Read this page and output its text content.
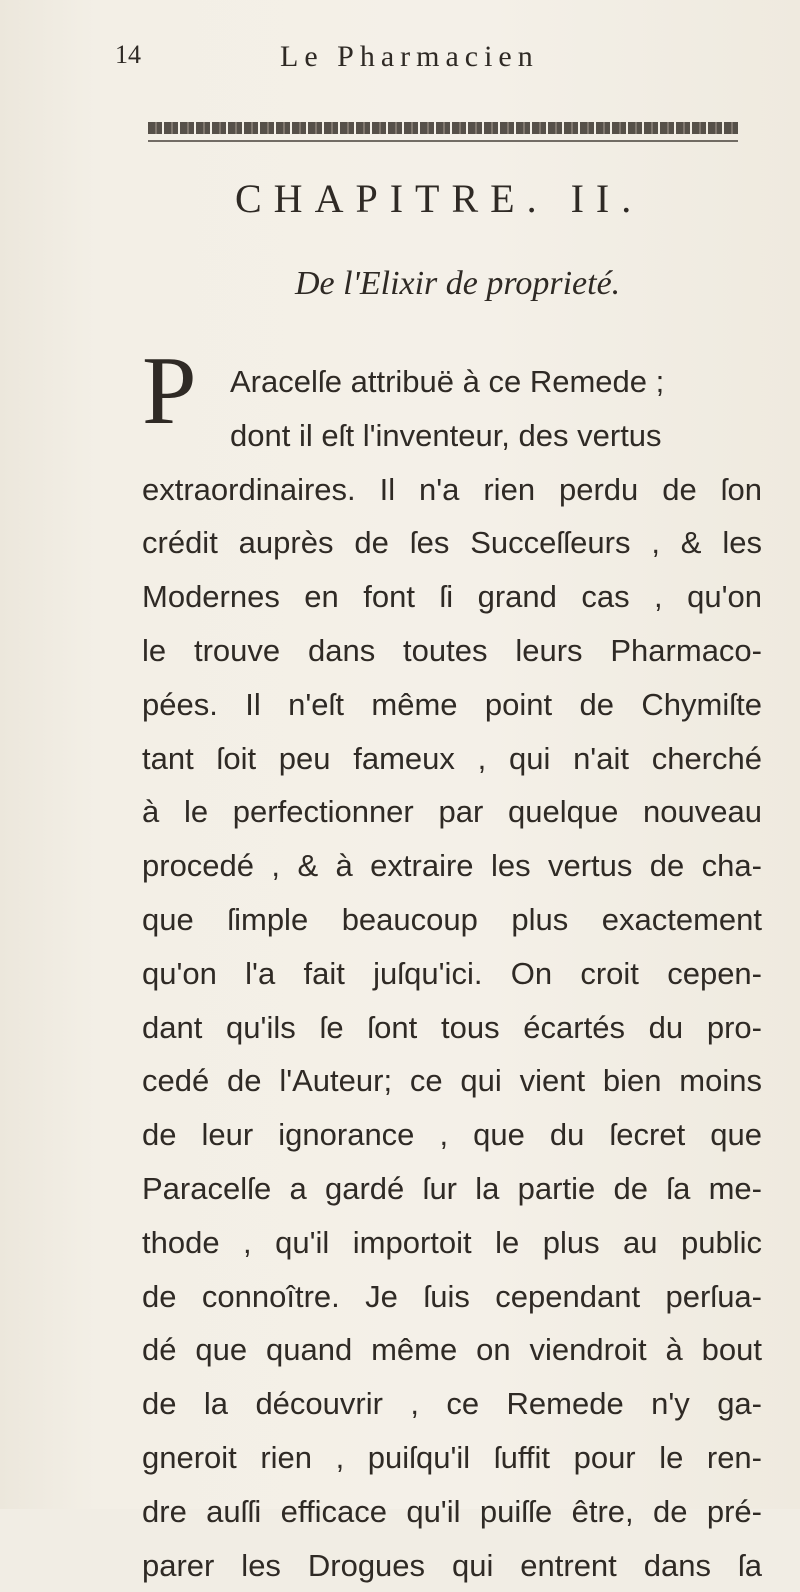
14	Le Pharmacien
CHAPITRE. II.
De l'Elixir de proprieté.
P	Aracelſe attribuë à ce Remede ;
dont il eſt l'inventeur, des vertus
extraordinaires. Il n'a rien perdu de ſon
crédit auprès de ſes Succeſſeurs , & les
Modernes en font ſi grand cas , qu'on
le trouve dans toutes leurs Pharmaco-
pées. Il n'eſt même point de Chymiſte
tant ſoit peu fameux , qui n'ait cherché
à le perfectionner par quelque nouveau
procedé , & à extraire les vertus de cha-
que ſimple beaucoup plus exactement
qu'on l'a fait juſqu'ici. On croit cepen-
dant qu'ils ſe ſont tous écartés du pro-
cedé de l'Auteur; ce qui vient bien moins
de leur ignorance , que du ſecret que
Paracelſe a gardé ſur la partie de ſa me-
thode , qu'il importoit le plus au public
de connoître. Je ſuis cependant perſua-
dé que quand même on viendroit à bout
de la découvrir , ce Remede n'y ga-
gneroit rien , puiſqu'il ſuffit pour le ren-
dre auſſi efficace qu'il puiſſe être, de pré-
parer les Drogues qui entrent dans ſa
